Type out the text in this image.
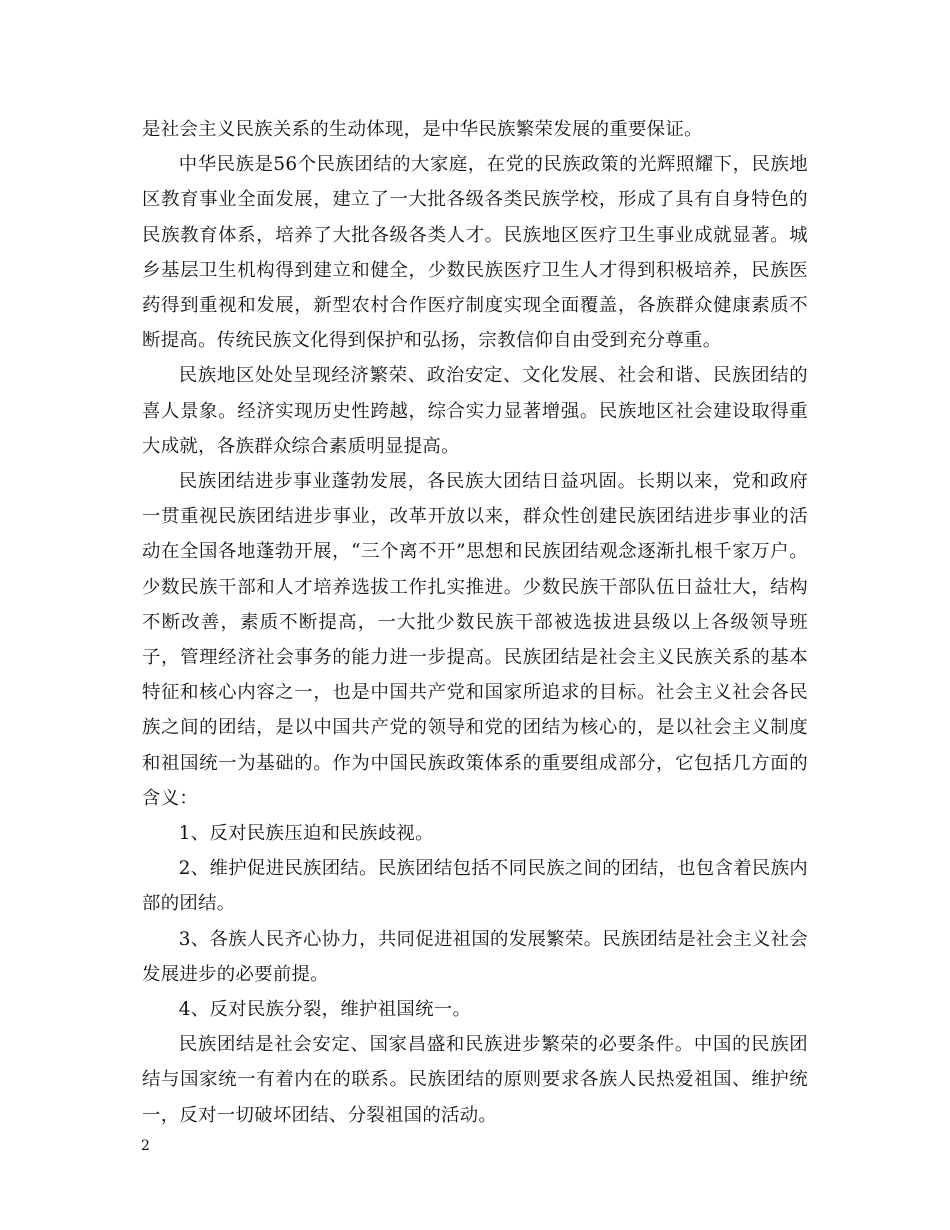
是社会主义民族关系的生动体现，是中华民族繁荣发展的重要保证。

中华民族是56个民族团结的大家庭，在党的民族政策的光辉照耀下，民族地区教育事业全面发展，建立了一大批各级各类民族学校，形成了具有自身特色的民族教育体系，培养了大批各级各类人才。民族地区医疗卫生事业成就显著。城乡基层卫生机构得到建立和健全，少数民族医疗卫生人才得到积极培养，民族医药得到重视和发展，新型农村合作医疗制度实现全面覆盖，各族群众健康素质不断提高。传统民族文化得到保护和弘扬，宗教信仰自由受到充分尊重。

民族地区处处呈现经济繁荣、政治安定、文化发展、社会和谐、民族团结的喜人景象。经济实现历史性跨越，综合实力显著增强。民族地区社会建设取得重大成就，各族群众综合素质明显提高。

民族团结进步事业蓬勃发展，各民族大团结日益巩固。长期以来，党和政府一贯重视民族团结进步事业，改革开放以来，群众性创建民族团结进步事业的活动在全国各地蓬勃开展，“三个离不开”思想和民族团结观念逐渐扎根千家万户。少数民族干部和人才培养选拔工作扎实推进。少数民族干部队伍日益壮大，结构不断改善，素质不断提高，一大批少数民族干部被选拔进县级以上各级领导班子，管理经济社会事务的能力进一步提高。民族团结是社会主义民族关系的基本特征和核心内容之一，也是中国共产党和国家所追求的目标。社会主义社会各民族之间的团结，是以中国共产党的领导和党的团结为核心的，是以社会主义制度和祖国统一为基础的。作为中国民族政策体系的重要组成部分，它包括几方面的含义：

1、反对民族压迫和民族歧视。

2、维护促进民族团结。民族团结包括不同民族之间的团结，也包含着民族内部的团结。

3、各族人民齐心协力，共同促进祖国的发展繁荣。民族团结是社会主义社会发展进步的必要前提。

4、反对民族分裂，维护祖国统一。

民族团结是社会安定、国家昌盛和民族进步繁荣的必要条件。中国的民族团结与国家统一有着内在的联系。民族团结的原则要求各族人民热爱祖国、维护统一，反对一切破坏团结、分裂祖国的活动。

2
